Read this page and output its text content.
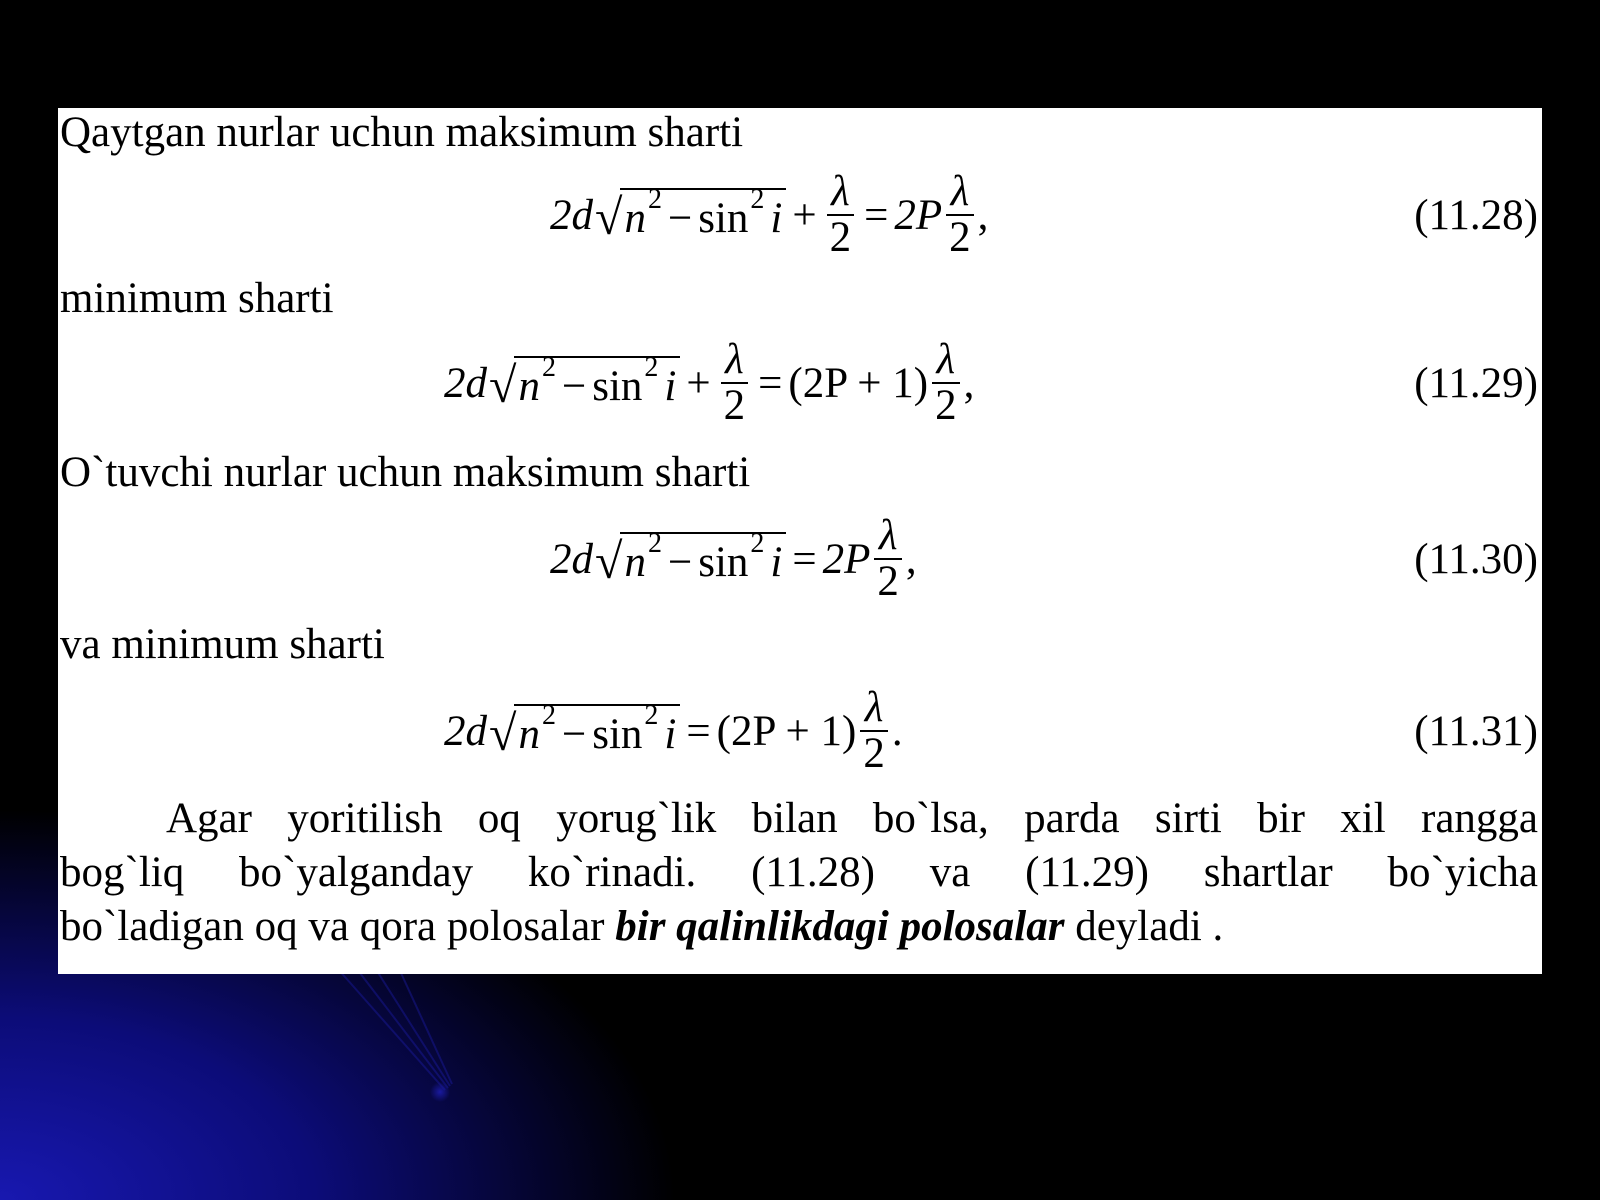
Qaytgan nurlar uchun maksimum sharti
2d √ n 2 − sin 2 $i + \frac{\lambda}{2} = 2P \frac{\lambda}{2}$ ,	(11.28)
minimum sharti
2d √ n 2 − sin 2 $i + \frac{\lambda}{2} = (2P + 1) \frac{\lambda}{2}$ ,	(11.29)
O`tuvchi nurlar uchun maksimum sharti
2d √ n 2 − sin 2 $i = 2P \frac{\lambda}{2}$ ,	(11.30)
va minimum sharti
2d √ n 2 − sin 2 $i = (2P + 1) \frac{\lambda}{2}$ .	(11.31)
Agar yoritilish oq yorug`lik bilan bo`lsa, parda sirti bir xil rangga
bog`liq bo`yalganday ko`rinadi. (11.28) va (11.29) shartlar bo`yicha
bo`ladigan oq va qora polosalar bir qalinlikdagi polosalar deyladi .
